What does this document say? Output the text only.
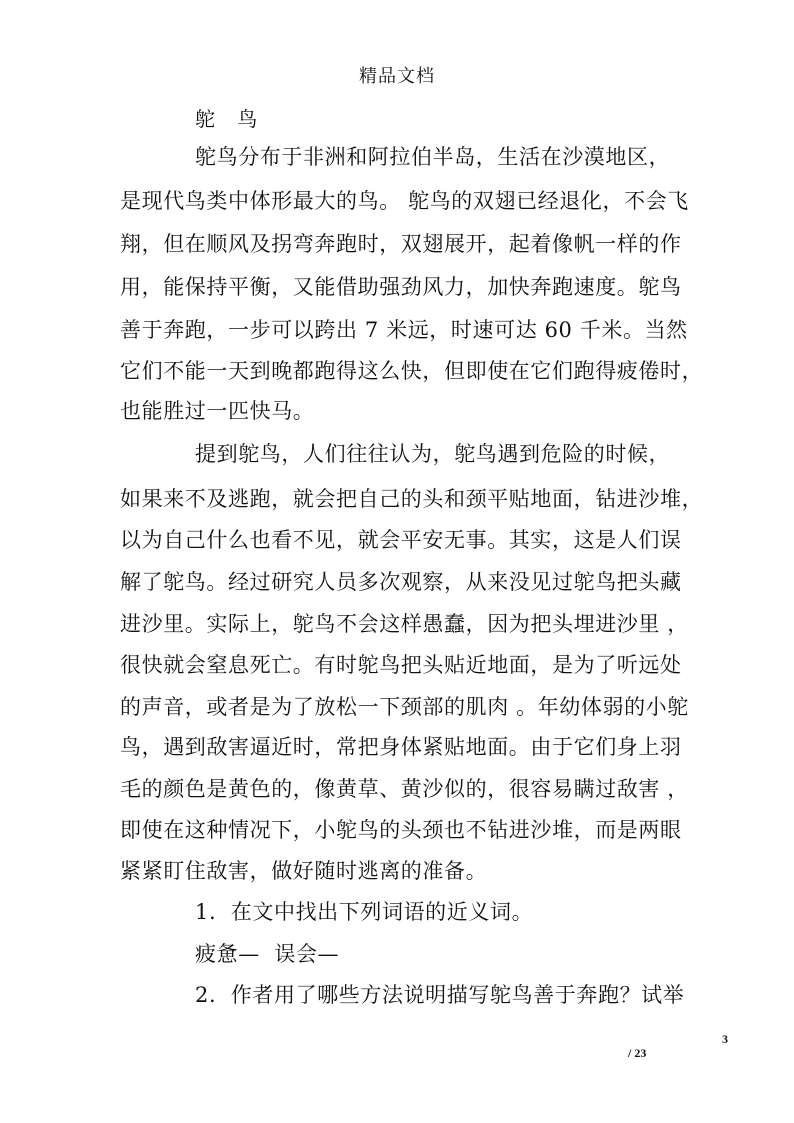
精品文档
鸵 鸟
鸵鸟分布于非洲和阿拉伯半岛，生活在沙漠地区，
是现代鸟类中体形最大的鸟。 鸵鸟的双翅已经退化，不会飞
翔，但在顺风及拐弯奔跑时，双翅展开，起着像帆一样的作
用，能保持平衡，又能借助强劲风力，加快奔跑速度。鸵鸟
善于奔跑，一步可以跨出 7 米远，时速可达 60 千米。当然
它们不能一天到晚都跑得这么快，但即使在它们跑得疲倦时，
也能胜过一匹快马。
提到鸵鸟，人们往往认为，鸵鸟遇到危险的时候，
如果来不及逃跑，就会把自己的头和颈平贴地面，钻进沙堆，
以为自己什么也看不见，就会平安无事。其实，这是人们误
解了鸵鸟。经过研究人员多次观察，从来没见过鸵鸟把头藏
进沙里。实际上，鸵鸟不会这样愚蠢，因为把头埋进沙里 ，
很快就会窒息死亡。有时鸵鸟把头贴近地面，是为了听远处
的声音，或者是为了放松一下颈部的肌肉 。年幼体弱的小鸵
鸟，遇到敌害逼近时，常把身体紧贴地面。由于它们身上羽
毛的颜色是黄色的，像黄草、黄沙似的，很容易瞒过敌害 ，
即使在这种情况下，小鸵鸟的头颈也不钻进沙堆，而是两眼
紧紧盯住敌害，做好随时逃离的准备。
1.  在文中找出下列词语的近义词。
疲惫—  误会—
2.  作者用了哪些方法说明描写鸵鸟善于奔跑？试举
3
/ 23
